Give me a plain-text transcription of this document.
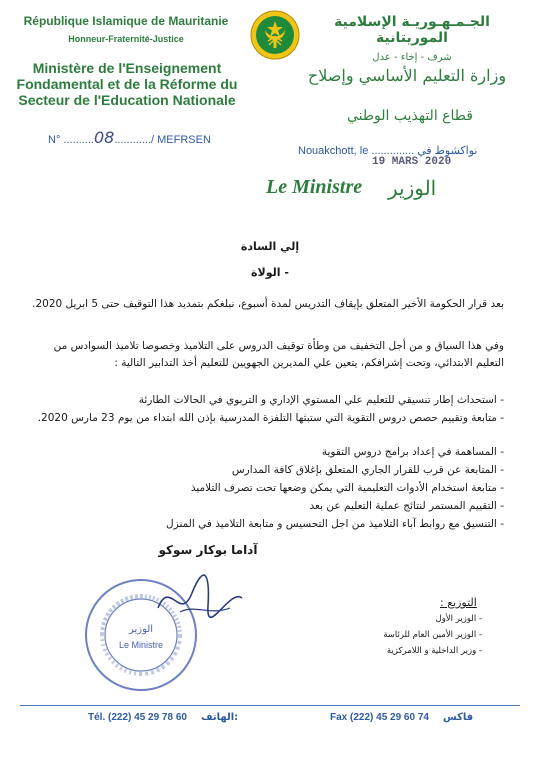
République Islamique de Mauritanie
Honneur-Fraternité-Justice
Ministère de l'Enseignement
Fondamental et de la Réforme du
Secteur de l'Education Nationale
الجـمـهـوريـة الإسلامية الموريتانية
شرف - إخاء - عدل
وزارة التعليم الأساسي وإصلاح
قطاع التهذيب الوطني
N° ..........08............/ MEFRSEN
Nouakchott, le .............. نواكشوط في
19 MARS 2020
Le Ministre الوزير
إلي السادة
- الولاة
بعد قرار الحكومة الأخير المتعلق بإيقاف التدريس لمدة أسبوع، نبلغكم بتمديد هذا التوقيف حتى 5 ابريل 2020.
وفي هذا السياق و من أجل التخفيف من وطأة توقيف الدروس على التلاميذ وخصوصا تلاميذ السوادس من التعليم الابتدائي، وتحت إشرافكم، يتعين علي المديرين الجهويين للتعليم أخذ التدابير التالية :
- استحداث إطار تنسيقي للتعليم علي المستوي الإداري و التربوي في الحالات الطارئة
- متابعة وتقييم حصص دروس التقوية التي ستبثها التلفزة المدرسية بإذن الله ابتداء من يوم 23 مارس 2020.
- المساهمة في إعداد برامج دروس التقوية
- المتابعة عن قرب للقرار الجاري المتعلق بإغلاق كافة المدارس
- متابعة استخدام الأدوات التعليمية التي يمكن وضعها تحت تصرف التلاميذ
- التقييم المستمر لنتائج عملية التعليم عن بعد
- التنسيق مع روابط آباء التلاميذ من اجل التحسيس و متابعة التلاميذ في المنزل
آداما بوكار سوكو
الوزير
Le Ministre
التوزيع :
- الوزير الأول
- الوزير الأمين العام للرئاسة
- وزير الداخلية و اللامركزية
Tél. (222) 45 29 78 60 الهاتف:	Fax (222) 45 29 60 74 فاكس
